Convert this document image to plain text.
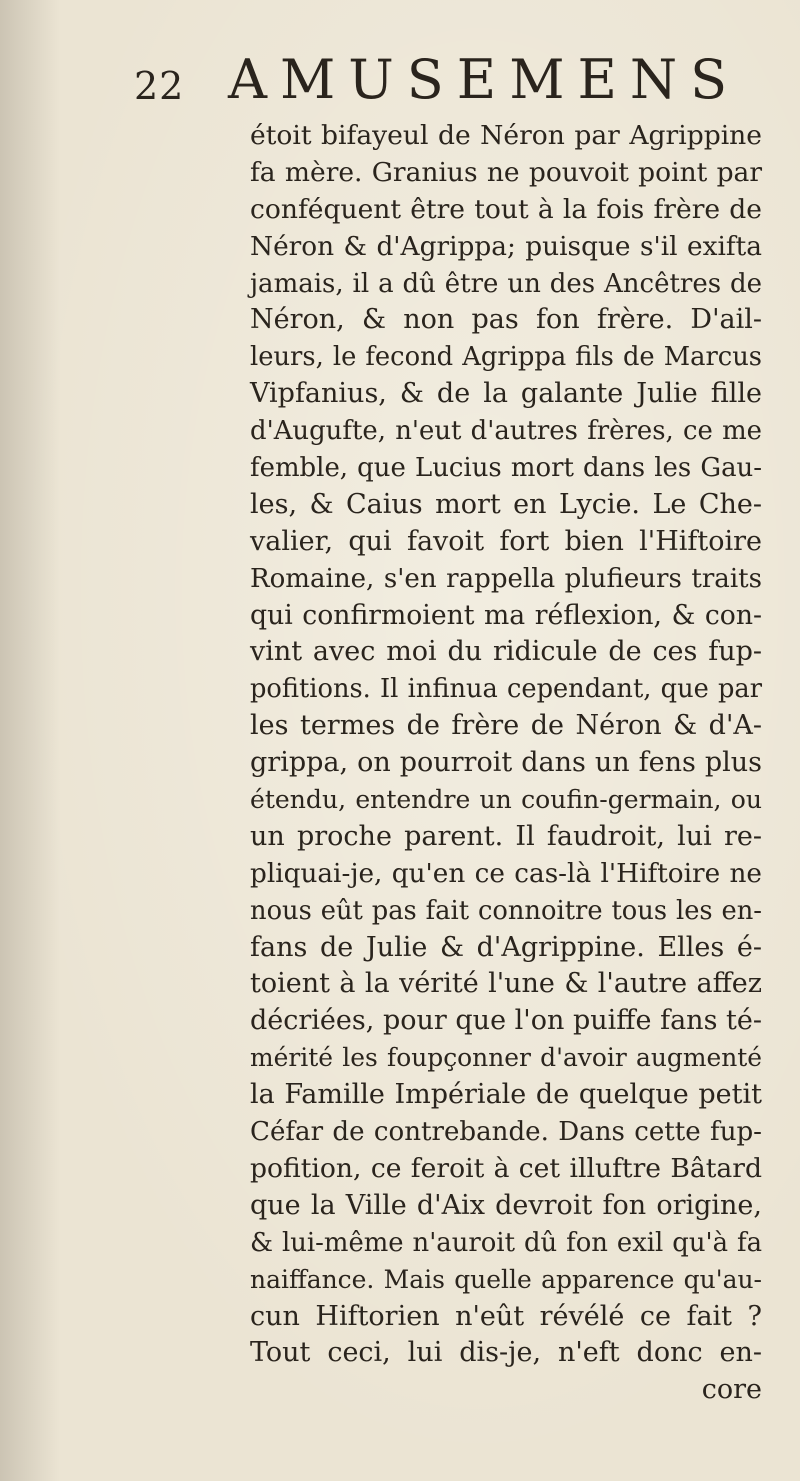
22 AMUSEMENS
étoit bifayeul de Néron par Agrippine
fa mère. Granius ne pouvoit point par
conféquent être tout à la fois frère de
Néron & d'Agrippa; puisque s'il exifta
jamais, il a dû être un des Ancêtres de
Néron, & non pas fon frère. D'ail-
leurs, le fecond Agrippa fils de Marcus
Vipfanius, & de la galante Julie fille
d'Augufte, n'eut d'autres frères, ce me
femble, que Lucius mort dans les Gau-
les, & Caius mort en Lycie. Le Che-
valier, qui favoit fort bien l'Hiftoire
Romaine, s'en rappella plufieurs traits
qui confirmoient ma réflexion, & con-
vint avec moi du ridicule de ces fup-
pofitions. Il infinua cependant, que par
les termes de frère de Néron & d'A-
grippa, on pourroit dans un fens plus
étendu, entendre un coufin-germain, ou
un proche parent. Il faudroit, lui re-
pliquai-je, qu'en ce cas-là l'Hiftoire ne
nous eût pas fait connoitre tous les en-
fans de Julie & d'Agrippine. Elles é-
toient à la vérité l'une & l'autre affez
décriées, pour que l'on puiffe fans té-
mérité les foupçonner d'avoir augmenté
la Famille Impériale de quelque petit
Céfar de contrebande. Dans cette fup-
pofition, ce feroit à cet illuftre Bâtard
que la Ville d'Aix devroit fon origine,
& lui-même n'auroit dû fon exil qu'à fa
naiffance. Mais quelle apparence qu'au-
cun Hiftorien n'eût révélé ce fait ?
Tout ceci, lui dis-je, n'eft donc en-
core
